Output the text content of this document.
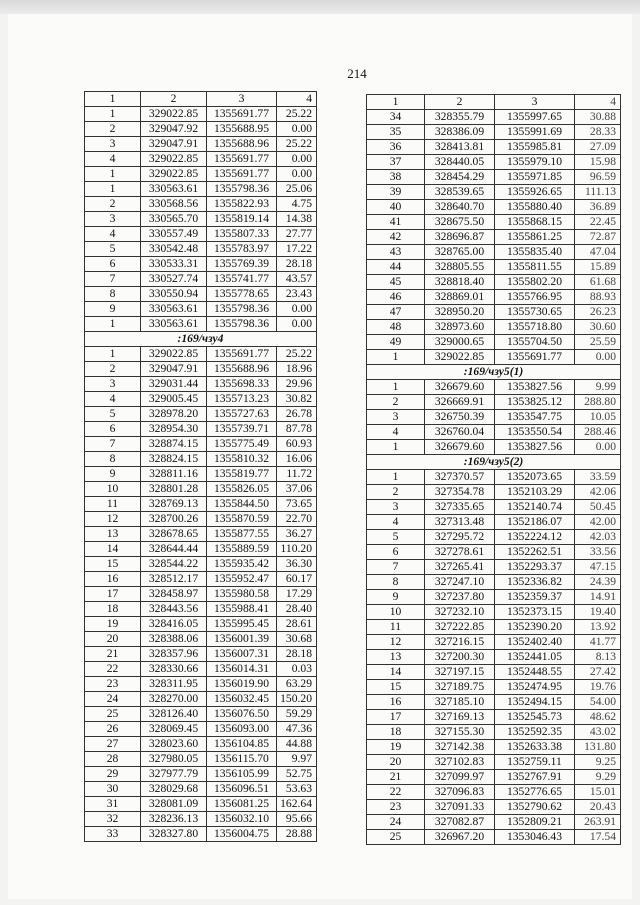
214
1	2	3	4
1	329022.85	1355691.77	25.22
2	329047.92	1355688.95	0.00
3	329047.91	1355688.96	25.22
4	329022.85	1355691.77	0.00
1	329022.85	1355691.77	0.00
1	330563.61	1355798.36	25.06
2	330568.56	1355822.93	4.75
3	330565.70	1355819.14	14.38
4	330557.49	1355807.33	27.77
5	330542.48	1355783.97	17.22
6	330533.31	1355769.39	28.18
7	330527.74	1355741.77	43.57
8	330550.94	1355778.65	23.43
9	330563.61	1355798.36	0.00
1	330563.61	1355798.36	0.00
:169/чзу4			
1	329022.85	1355691.77	25.22
2	329047.91	1355688.96	18.96
3	329031.44	1355698.33	29.96
4	329005.45	1355713.23	30.82
5	328978.20	1355727.63	26.78
6	328954.30	1355739.71	87.78
7	328874.15	1355775.49	60.93
8	328824.15	1355810.32	16.06
9	328811.16	1355819.77	11.72
10	328801.28	1355826.05	37.06
11	328769.13	1355844.50	73.65
12	328700.26	1355870.59	22.70
13	328678.65	1355877.55	36.27
14	328644.44	1355889.59	110.20
15	328544.22	1355935.42	36.30
16	328512.17	1355952.47	60.17
17	328458.97	1355980.58	17.29
18	328443.56	1355988.41	28.40
19	328416.05	1355995.45	28.61
20	328388.06	1356001.39	30.68
21	328357.96	1356007.31	28.18
22	328330.66	1356014.31	0.03
23	328311.95	1356019.90	63.29
24	328270.00	1356032.45	150.20
25	328126.40	1356076.50	59.29
26	328069.45	1356093.00	47.36
27	328023.60	1356104.85	44.88
28	327980.05	1356115.70	9.97
29	327977.79	1356105.99	52.75
30	328029.68	1356096.51	53.63
31	328081.09	1356081.25	162.64
32	328236.13	1356032.10	95.66
33	328327.80	1356004.75	28.88
1	2	3	4
34	328355.79	1355997.65	30.88
35	328386.09	1355991.69	28.33
36	328413.81	1355985.81	27.09
37	328440.05	1355979.10	15.98
38	328454.29	1355971.85	96.59
39	328539.65	1355926.65	111.13
40	328640.70	1355880.40	36.89
41	328675.50	1355868.15	22.45
42	328696.87	1355861.25	72.87
43	328765.00	1355835.40	47.04
44	328805.55	1355811.55	15.89
45	328818.40	1355802.20	61.68
46	328869.01	1355766.95	88.93
47	328950.20	1355730.65	26.23
48	328973.60	1355718.80	30.60
49	329000.65	1355704.50	25.59
1	329022.85	1355691.77	0.00
:169/чзу5(1)			
1	326679.60	1353827.56	9.99
2	326669.91	1353825.12	288.80
3	326750.39	1353547.75	10.05
4	326760.04	1353550.54	288.46
1	326679.60	1353827.56	0.00
:169/чзу5(2)			
1	327370.57	1352073.65	33.59
2	327354.78	1352103.29	42.06
3	327335.65	1352140.74	50.45
4	327313.48	1352186.07	42.00
5	327295.72	1352224.12	42.03
6	327278.61	1352262.51	33.56
7	327265.41	1352293.37	47.15
8	327247.10	1352336.82	24.39
9	327237.80	1352359.37	14.91
10	327232.10	1352373.15	19.40
11	327222.85	1352390.20	13.92
12	327216.15	1352402.40	41.77
13	327200.30	1352441.05	8.13
14	327197.15	1352448.55	27.42
15	327189.75	1352474.95	19.76
16	327185.10	1352494.15	54.00
17	327169.13	1352545.73	48.62
18	327155.30	1352592.35	43.02
19	327142.38	1352633.38	131.80
20	327102.83	1352759.11	9.25
21	327099.97	1352767.91	9.29
22	327096.83	1352776.65	15.01
23	327091.33	1352790.62	20.43
24	327082.87	1352809.21	263.91
25	326967.20	1353046.43	17.54
